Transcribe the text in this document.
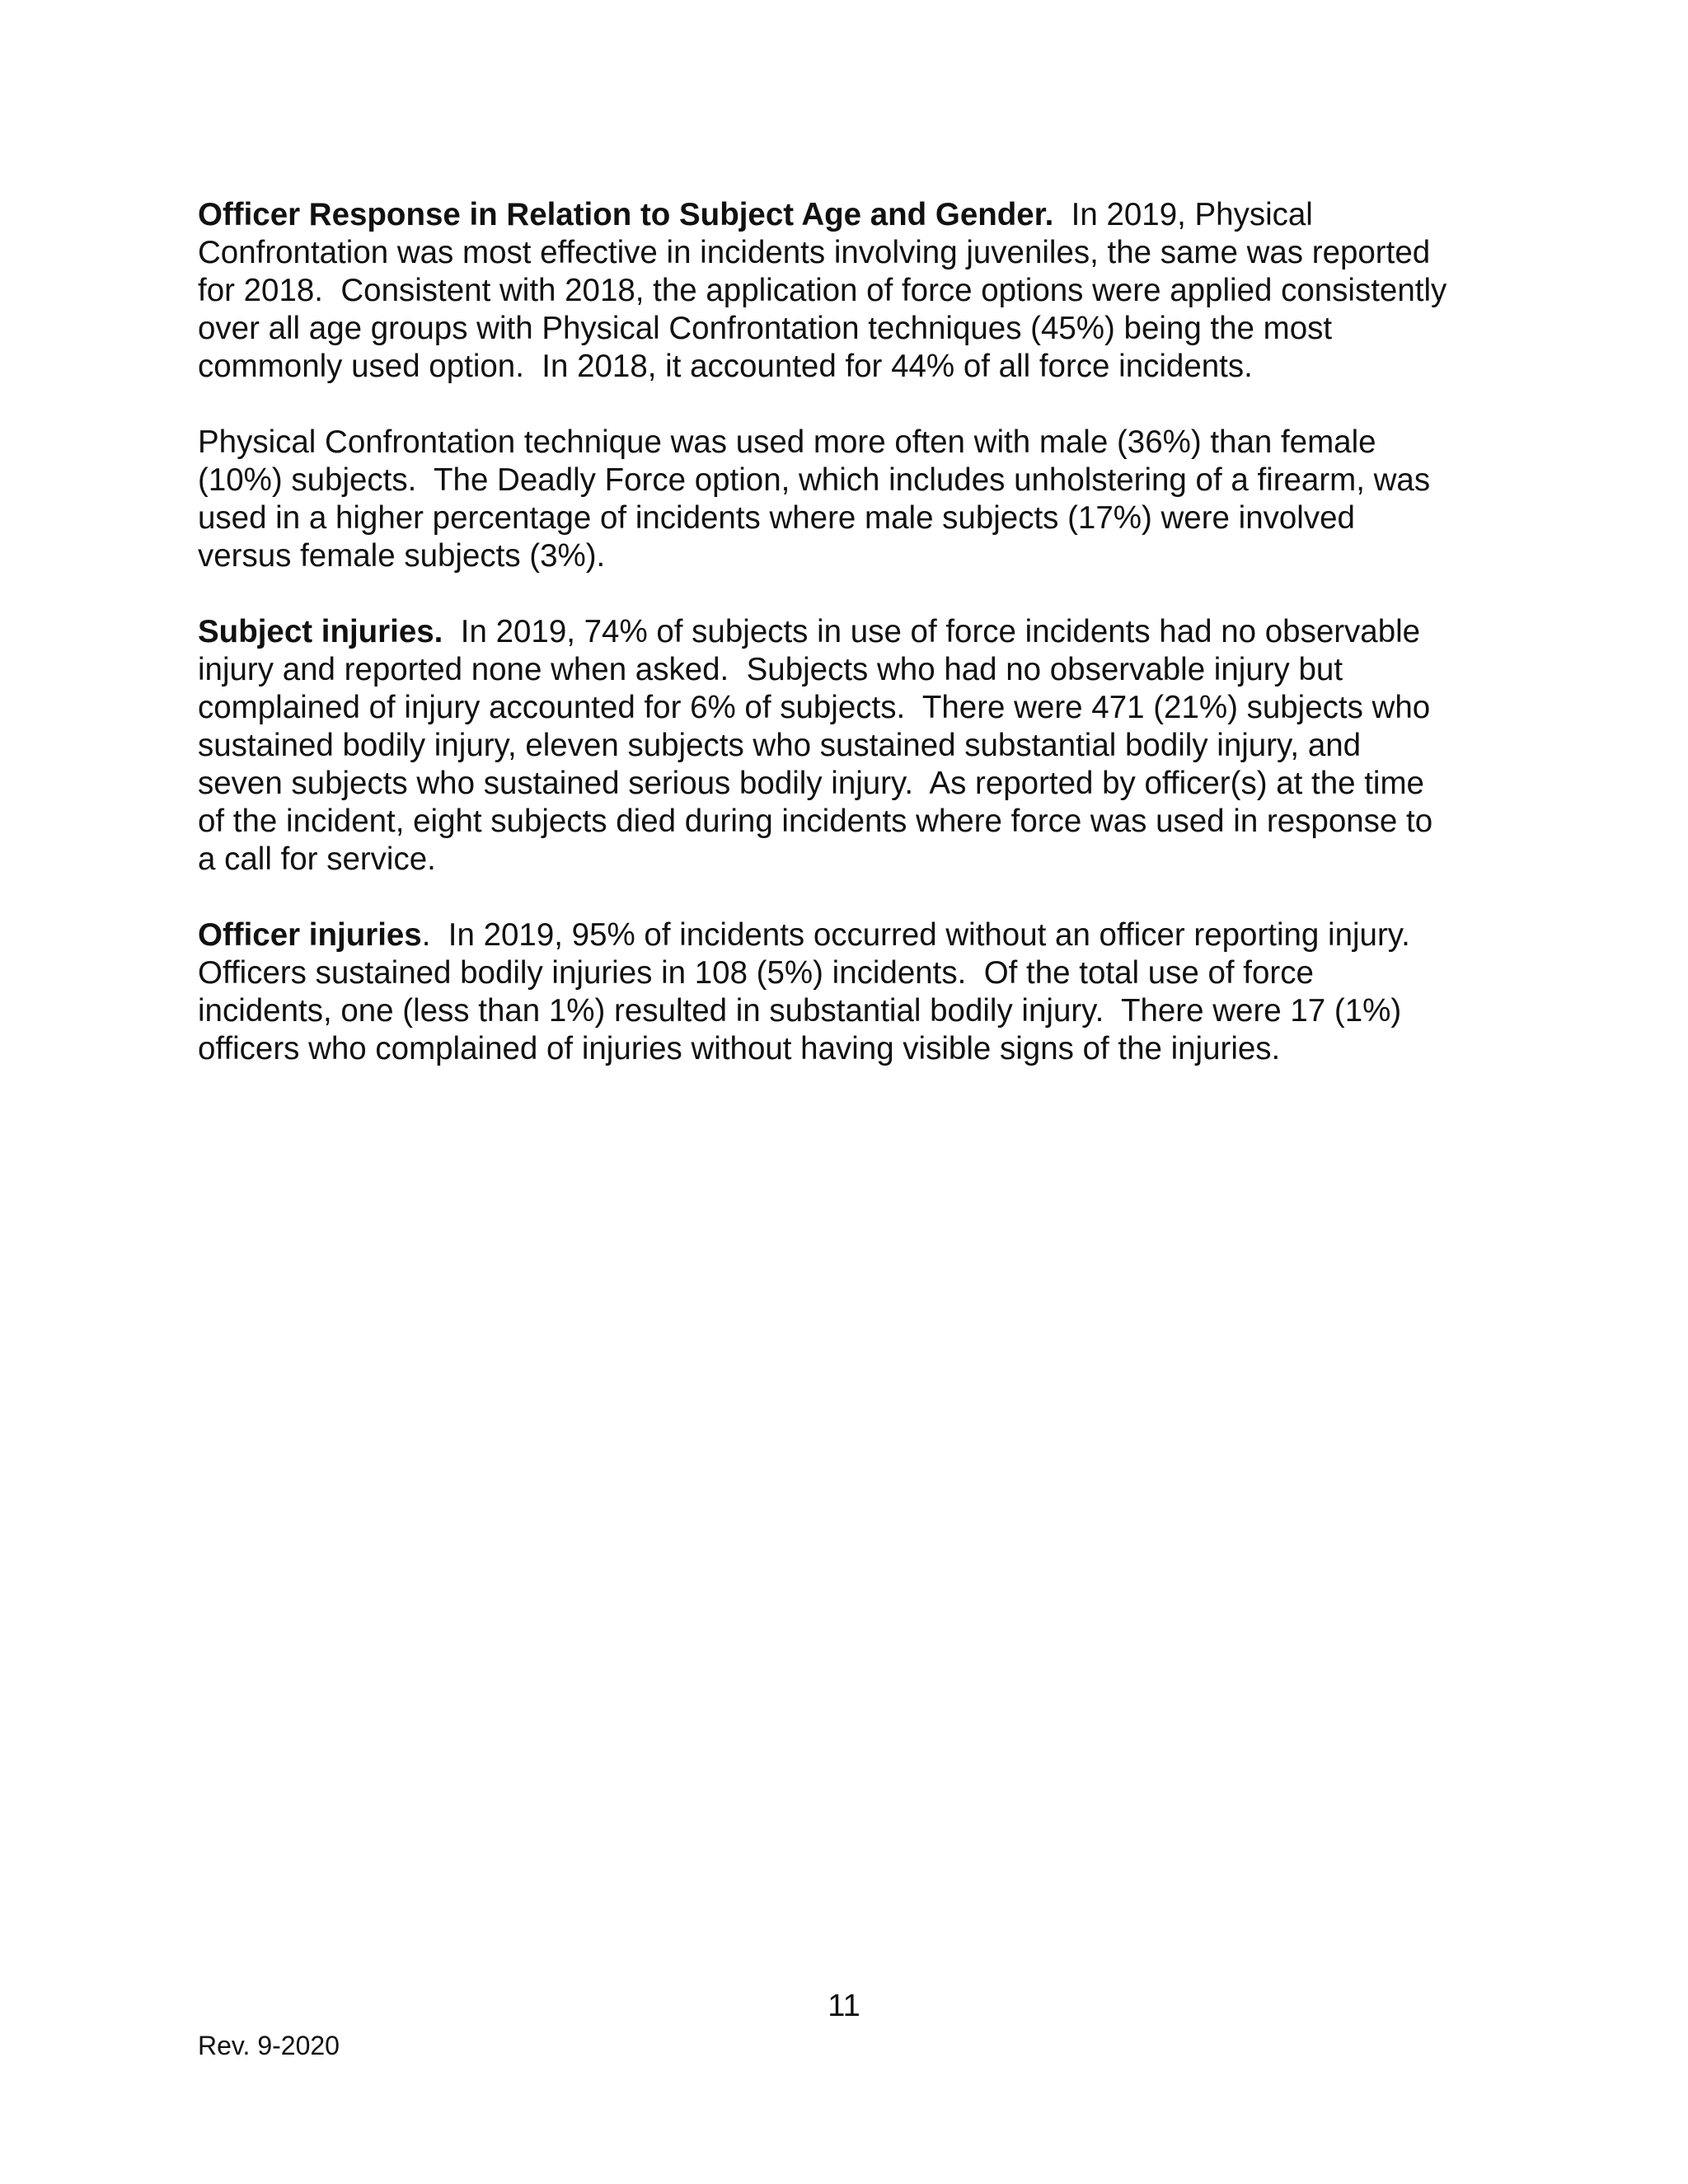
Officer Response in Relation to Subject Age and Gender.  In 2019, Physical
Confrontation was most effective in incidents involving juveniles, the same was reported
for 2018.  Consistent with 2018, the application of force options were applied consistently
over all age groups with Physical Confrontation techniques (45%) being the most
commonly used option.  In 2018, it accounted for 44% of all force incidents.

Physical Confrontation technique was used more often with male (36%) than female
(10%) subjects.  The Deadly Force option, which includes unholstering of a firearm, was
used in a higher percentage of incidents where male subjects (17%) were involved
versus female subjects (3%).

Subject injuries.  In 2019, 74% of subjects in use of force incidents had no observable
injury and reported none when asked.  Subjects who had no observable injury but
complained of injury accounted for 6% of subjects.  There were 471 (21%) subjects who
sustained bodily injury, eleven subjects who sustained substantial bodily injury, and
seven subjects who sustained serious bodily injury.  As reported by officer(s) at the time
of the incident, eight subjects died during incidents where force was used in response to
a call for service.

Officer injuries.  In 2019, 95% of incidents occurred without an officer reporting injury.
Officers sustained bodily injuries in 108 (5%) incidents.  Of the total use of force
incidents, one (less than 1%) resulted in substantial bodily injury.  There were 17 (1%)
officers who complained of injuries without having visible signs of the injuries.

11
Rev. 9-2020
